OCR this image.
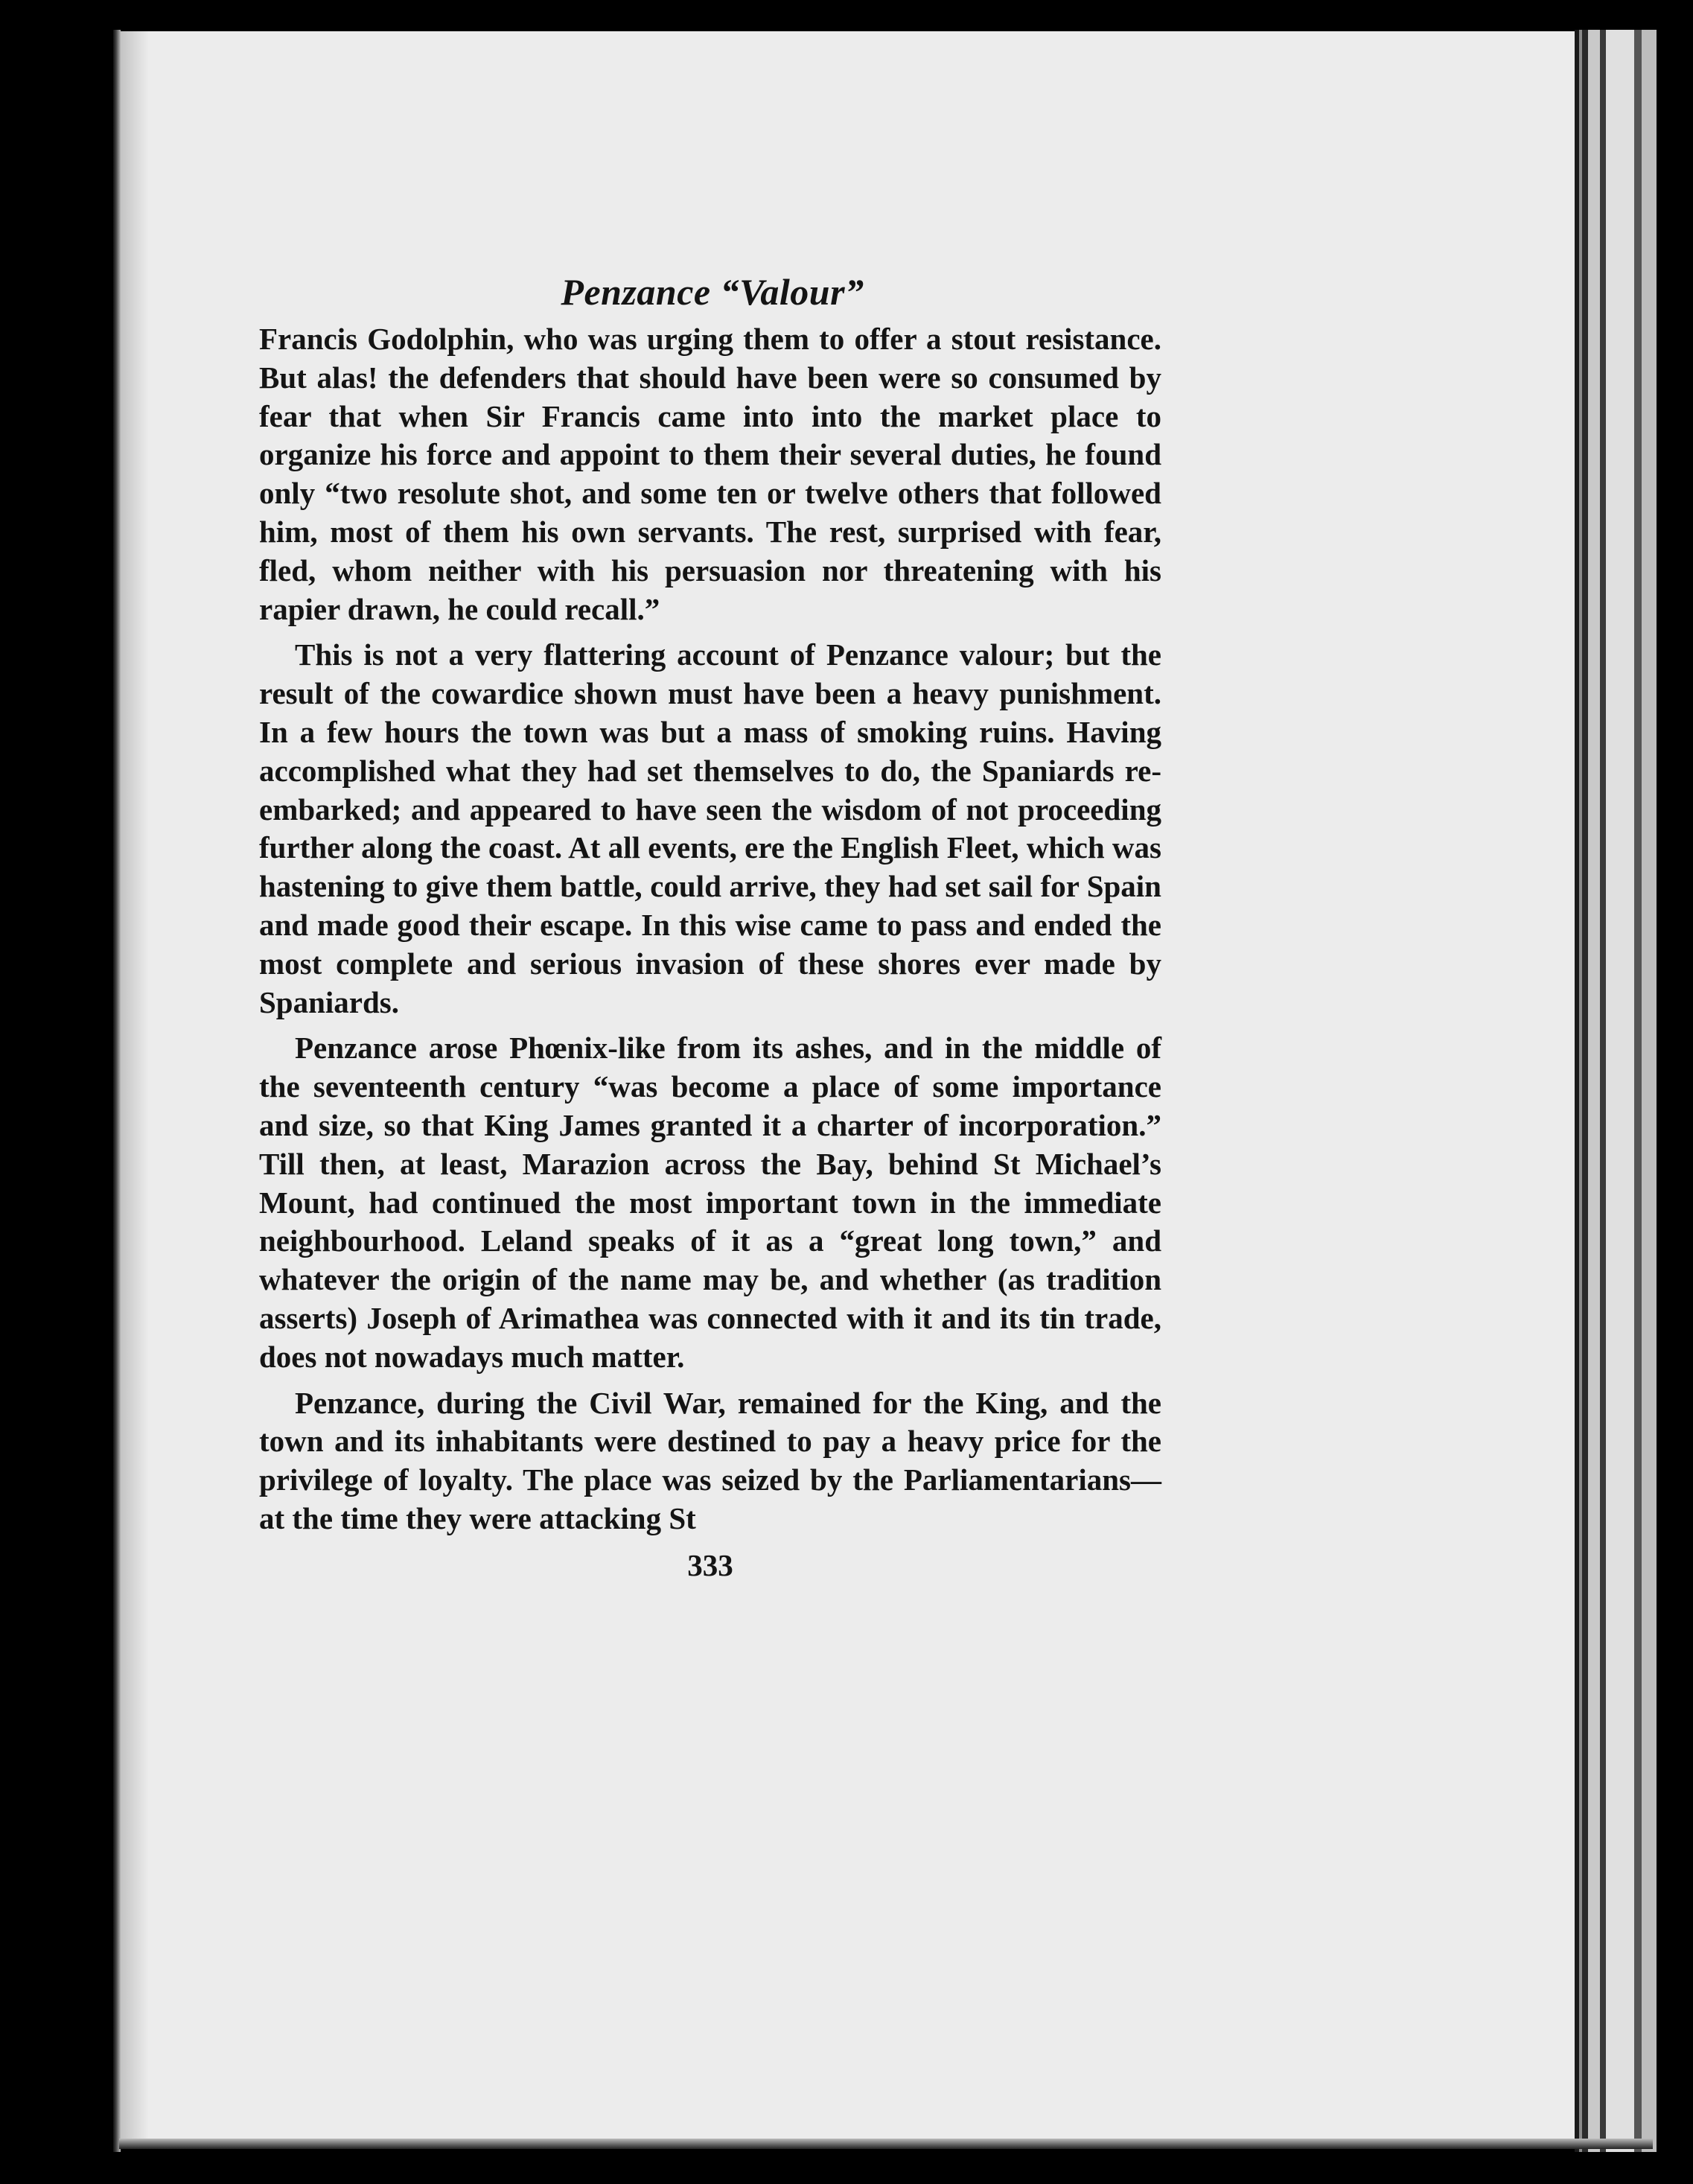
Penzance “Valour”

Francis Godolphin, who was urging them to offer a stout resistance. But alas! the defenders that should have been were so consumed by fear that when Sir Francis came into into the market place to organize his force and appoint to them their several duties, he found only “two resolute shot, and some ten or twelve others that followed him, most of them his own servants. The rest, surprised with fear, fled, whom neither with his persuasion nor threatening with his rapier drawn, he could recall.”

This is not a very flattering account of Penzance valour; but the result of the cowardice shown must have been a heavy punishment. In a few hours the town was but a mass of smoking ruins. Having accomplished what they had set themselves to do, the Spaniards re-embarked; and appeared to have seen the wisdom of not proceeding further along the coast. At all events, ere the English Fleet, which was hastening to give them battle, could arrive, they had set sail for Spain and made good their escape. In this wise came to pass and ended the most complete and serious invasion of these shores ever made by Spaniards.

Penzance arose Phœnix-like from its ashes, and in the middle of the seventeenth century “was become a place of some importance and size, so that King James granted it a charter of incorporation.” Till then, at least, Marazion across the Bay, behind St Michael’s Mount, had continued the most important town in the immediate neighbourhood. Leland speaks of it as a “great long town,” and whatever the origin of the name may be, and whether (as tradition asserts) Joseph of Arimathea was connected with it and its tin trade, does not nowadays much matter.

Penzance, during the Civil War, remained for the King, and the town and its inhabitants were destined to pay a heavy price for the privilege of loyalty. The place was seized by the Parliamentarians—at the time they were attacking St

333
